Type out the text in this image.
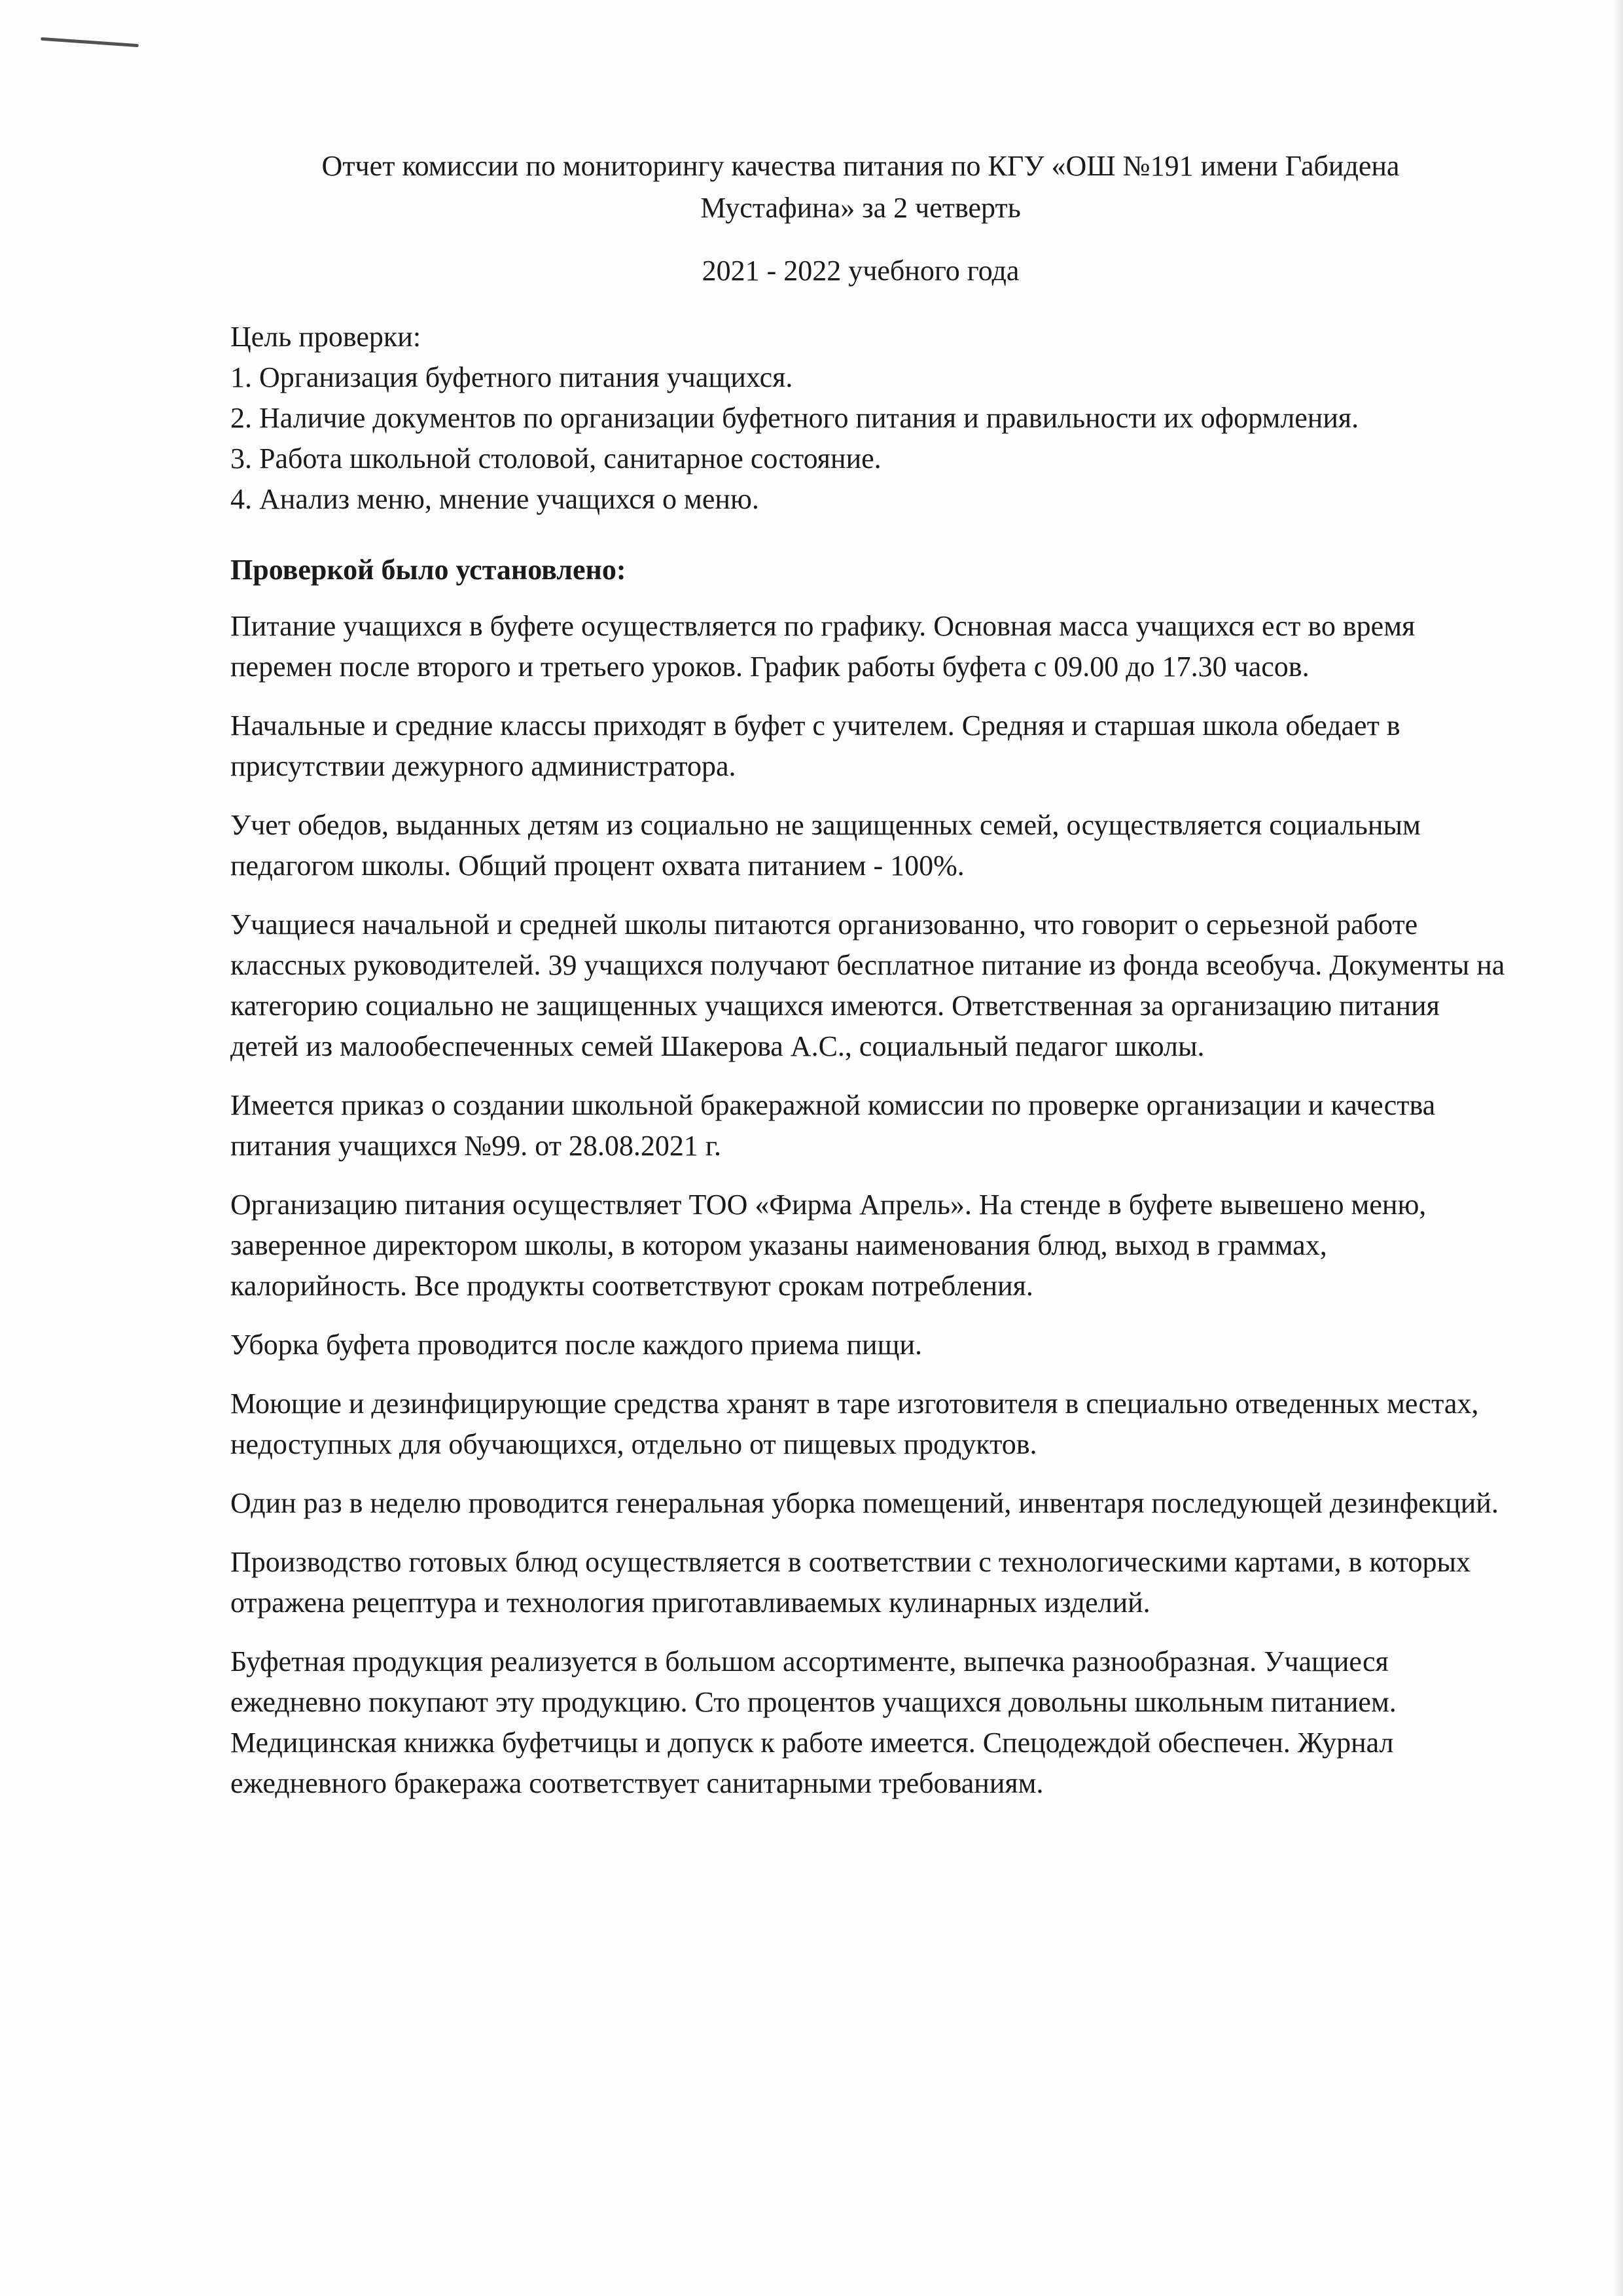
Отчет комиссии по мониторингу качества питания по КГУ «ОШ №191 имени Габидена
Мустафина» за 2 четверть
2021 - 2022 учебного года

Цель проверки:

1. Организация буфетного питания учащихся.
2. Наличие документов по организации буфетного питания и правильности их оформления.
3. Работа школьной столовой, санитарное состояние.
4. Анализ меню, мнение учащихся о меню.

Проверкой было установлено:

Питание учащихся в буфете осуществляется по графику. Основная масса учащихся ест во время перемен после второго и третьего уроков. График работы буфета с 09.00 до 17.30 часов.

Начальные и средние классы приходят в буфет с учителем. Средняя и старшая школа обедает в присутствии дежурного администратора.

Учет обедов, выданных детям из социально не защищенных семей, осуществляется социальным педагогом школы. Общий процент охвата питанием - 100%.

Учащиеся начальной и средней школы питаются организованно, что говорит о серьезной работе классных руководителей. 39 учащихся получают бесплатное питание из фонда всеобуча. Документы на категорию социально не защищенных учащихся имеются. Ответственная за организацию питания детей из малообеспеченных семей Шакерова А.С., социальный педагог школы.

Имеется приказ о создании школьной бракеражной комиссии по проверке организации и качества питания учащихся №99. от 28.08.2021 г.

Организацию питания осуществляет ТОО «Фирма Апрель». На стенде в буфете вывешено меню, заверенное директором школы, в котором указаны наименования блюд, выход в граммах, калорийность. Все продукты соответствуют срокам потребления.

Уборка буфета проводится после каждого приема пищи.

Моющие и дезинфицирующие средства хранят в таре изготовителя в специально отведенных местах, недоступных для обучающихся, отдельно от пищевых продуктов.

Один раз в неделю проводится генеральная уборка помещений, инвентаря последующей дезинфекций.

Производство готовых блюд осуществляется в соответствии с технологическими картами, в которых отражена рецептура и технология приготавливаемых кулинарных изделий.

Буфетная продукция реализуется в большом ассортименте, выпечка разнообразная. Учащиеся ежедневно покупают эту продукцию. Сто процентов учащихся довольны школьным питанием. Медицинская книжка буфетчицы и допуск к работе имеется. Спецодеждой обеспечен. Журнал ежедневного бракеража соответствует санитарными требованиям.
